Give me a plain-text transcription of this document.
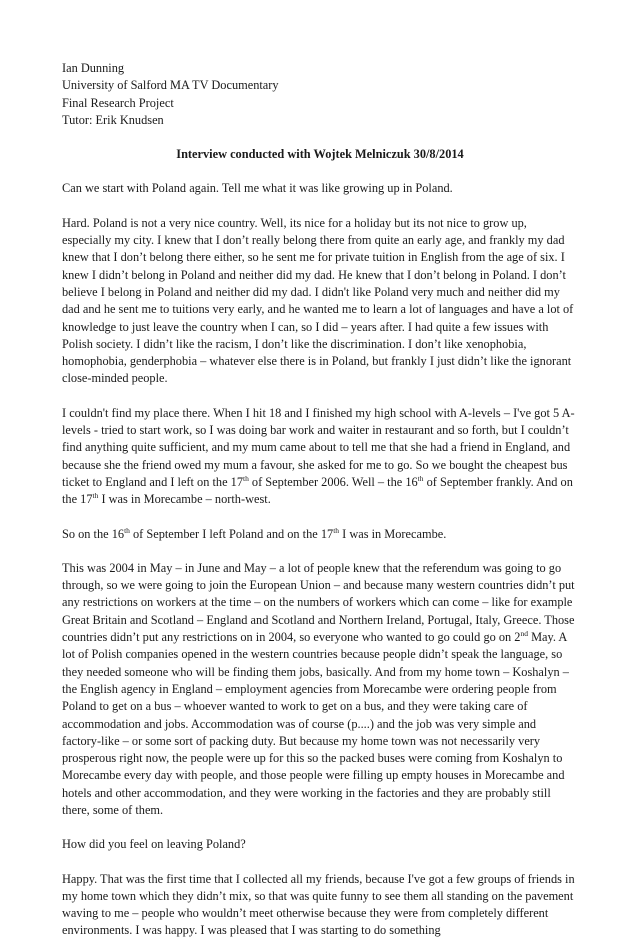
Ian Dunning
University of Salford MA TV Documentary
Final Research Project
Tutor: Erik Knudsen
Interview conducted with Wojtek Melniczuk 30/8/2014

Can we start with Poland again. Tell me what it was like growing up in Poland.

Hard. Poland is not a very nice country. Well, its nice for a holiday but its not nice to grow up, especially my city. I knew that I don’t really belong there from quite an early age, and frankly my dad knew that I don’t belong there either, so he sent me for private tuition in English from the age of six. I knew I didn’t belong in Poland and neither did my dad. He knew that I don’t belong in Poland. I don’t believe I belong in Poland and neither did my dad. I didn't like Poland very much and neither did my dad and he sent me to tuitions very early, and he wanted me to learn a lot of languages and have a lot of knowledge to just leave the country when I can, so I did – years after. I had quite a few issues with Polish society. I didn’t like the racism, I don’t like the discrimination. I don’t like xenophobia, homophobia, genderphobia – whatever else there is in Poland, but frankly I just didn’t like the ignorant close-minded people.

I couldn't find my place there. When I hit 18 and I finished my high school with A-levels – I've got 5 A-levels - tried to start work, so I was doing bar work and waiter in restaurant and so forth, but I couldn’t find anything quite sufficient, and my mum came about to tell me that she had a friend in England, and because she the friend owed my mum a favour, she asked for me to go. So we bought the cheapest bus ticket to England and I left on the 17th of September 2006. Well – the 16th of September frankly. And on the 17th I was in Morecambe – north-west.

So on the 16th of September I left Poland and on the 17th I was in Morecambe.

This was 2004 in May – in June and May – a lot of people knew that the referendum was going to go through, so we were going to join the European Union – and because many western countries didn’t put any restrictions on workers at the time – on the numbers of workers which can come – like for example Great Britain and Scotland – England and Scotland and Northern Ireland, Portugal, Italy, Greece. Those countries didn’t put any restrictions on in 2004, so everyone who wanted to go could go on 2nd May. A lot of Polish companies opened in the western countries because people didn’t speak the language, so they needed someone who will be finding them jobs, basically. And from my home town – Koshalyn – the English agency in England – employment agencies from Morecambe were ordering people from Poland to get on a bus – whoever wanted to work to get on a bus, and they were taking care of accommodation and jobs. Accommodation was of course (p....) and the job was very simple and factory-like – or some sort of packing duty. But because my home town was not necessarily very prosperous right now, the people were up for this so the packed buses were coming from Koshalyn to Morecambe every day with people, and those people were filling up empty houses in Morecambe and hotels and other accommodation, and they were working in the factories and they are probably still there, some of them.

How did you feel on leaving Poland?

Happy. That was the first time that I collected all my friends, because I've got a few groups of friends in my home town which they didn’t mix, so that was quite funny to see them all standing on the pavement waving to me – people who wouldn’t meet otherwise because they were from completely different environments. I was happy. I was pleased that I was starting to do something
